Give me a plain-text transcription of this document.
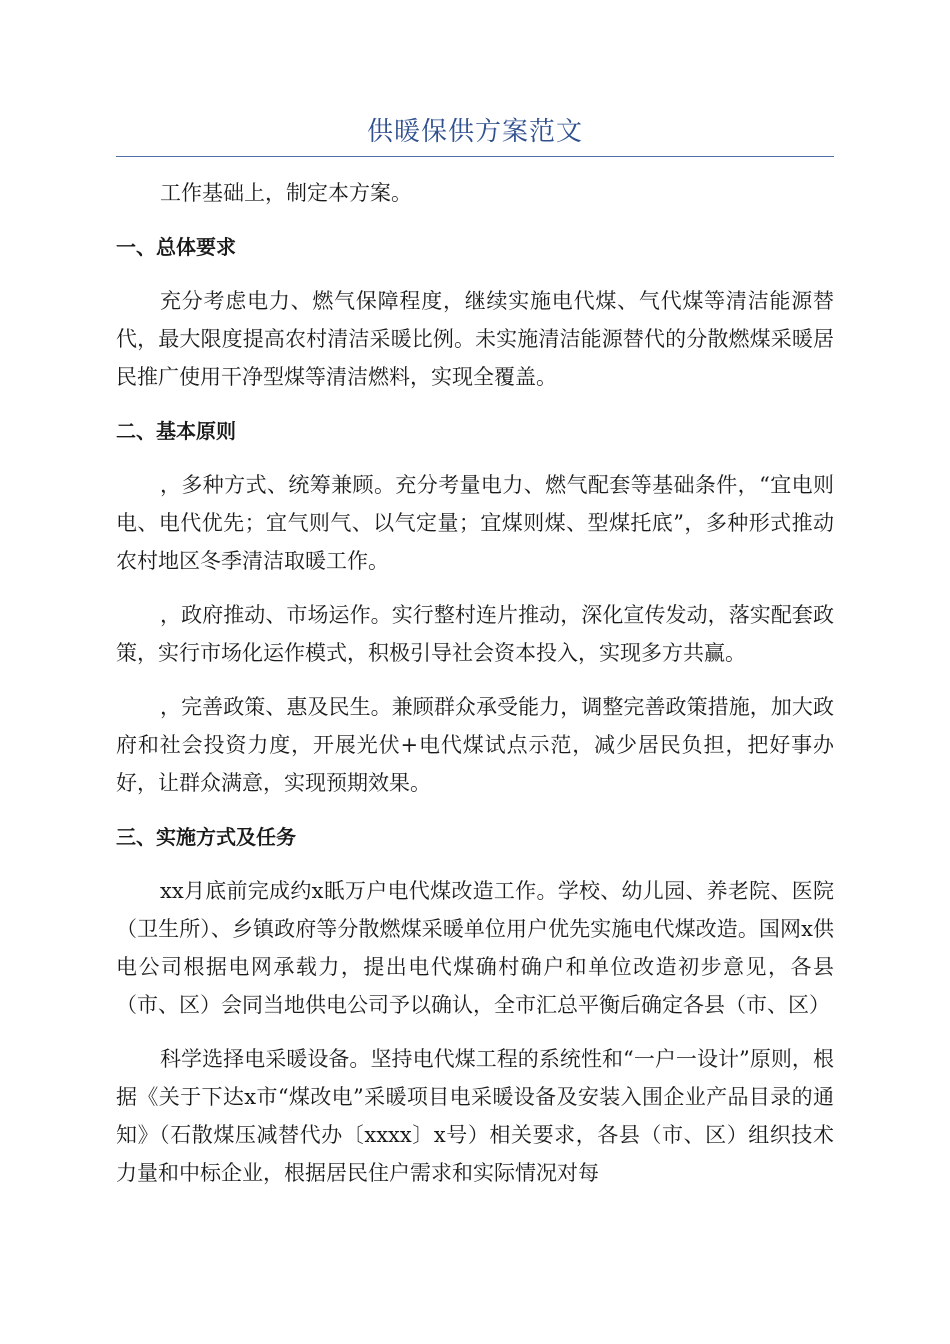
供暖保供方案范文

工作基础上，制定本方案。

一、总体要求

充分考虑电力、燃气保障程度，继续实施电代煤、气代煤等清洁能源替代，最大限度提高农村清洁采暖比例。未实施清洁能源替代的分散燃煤采暖居民推广使用干净型煤等清洁燃料，实现全覆盖。

二、基本原则

，多种方式、统筹兼顾。充分考量电力、燃气配套等基础条件，“宜电则电、电代优先；宜气则气、以气定量；宜煤则煤、型煤托底”，多种形式推动农村地区冬季清洁取暖工作。

，政府推动、市场运作。实行整村连片推动，深化宣传发动，落实配套政策，实行市场化运作模式，积极引导社会资本投入，实现多方共赢。

，完善政策、惠及民生。兼顾群众承受能力，调整完善政策措施，加大政府和社会投资力度，开展光伏+电代煤试点示范，减少居民负担，把好事办好，让群众满意，实现预期效果。

三、实施方式及任务

xx月底前完成约x眂万户电代煤改造工作。学校、幼儿园、养老院、医院（卫生所）、乡镇政府等分散燃煤采暖单位用户优先实施电代煤改造。国网x供电公司根据电网承载力，提出电代煤确村确户和单位改造初步意见，各县（市、区）会同当地供电公司予以确认，全市汇总平衡后确定各县（市、区）

科学选择电采暖设备。坚持电代煤工程的系统性和“一户一设计”原则，根据《关于下达x市“煤改电”采暖项目电采暖设备及安装入围企业产品目录的通知》（石散煤压减替代办〔xxxx〕x号）相关要求，各县（市、区）组织技术力量和中标企业，根据居民住户需求和实际情况对每
